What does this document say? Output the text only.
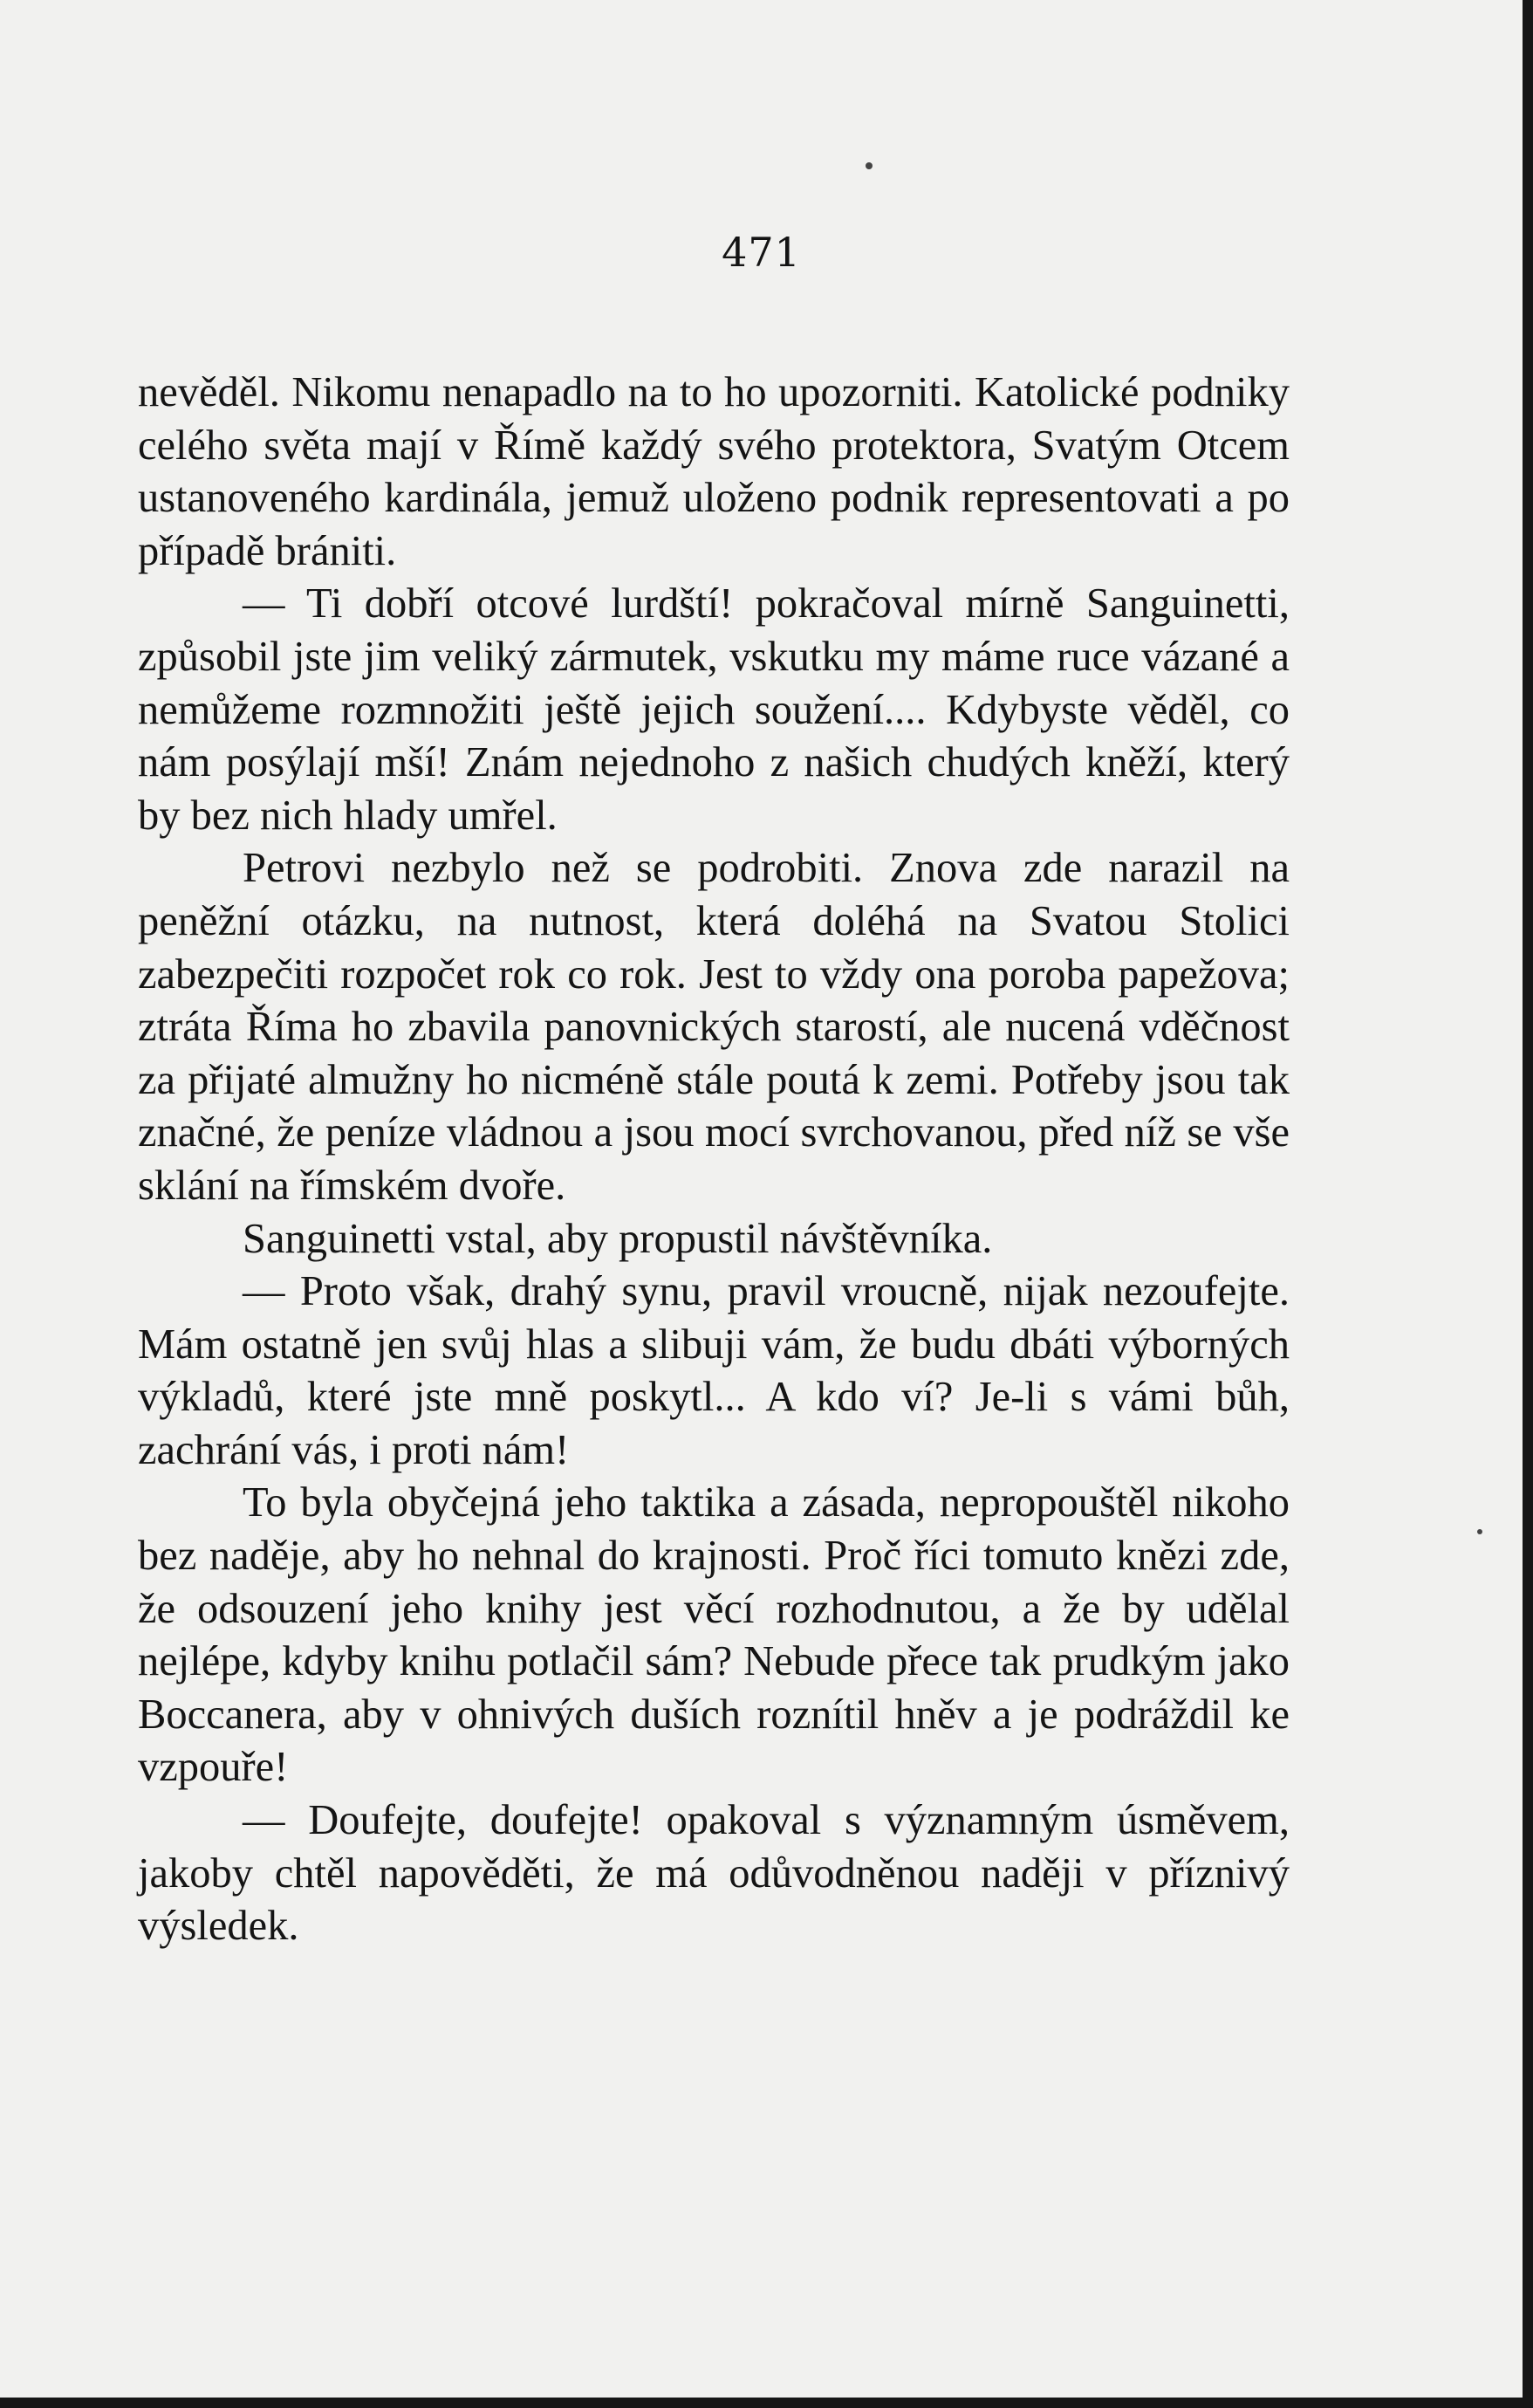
471

nevěděl. Nikomu nenapadlo na to ho upozorniti. Katolické podniky celého světa mají v Římě každý svého protektora, Svatým Otcem ustanoveného kardinála, jemuž uloženo podnik representovati a po případě brániti.

— Ti dobří otcové lurdští! pokračoval mírně Sanguinetti, způsobil jste jim veliký zármutek, vskutku my máme ruce vázané a nemůžeme rozmnožiti ještě jejich soužení.... Kdybyste věděl, co nám posýlají mší! Znám nejednoho z našich chudých kněží, který by bez nich hlady umřel.

Petrovi nezbylo než se podrobiti. Znova zde narazil na peněžní otázku, na nutnost, která doléhá na Svatou Stolici zabezpečiti rozpočet rok co rok. Jest to vždy ona poroba papežova; ztráta Říma ho zbavila panovnických starostí, ale nucená vděčnost za přijaté almužny ho nicméně stále poutá k zemi. Potřeby jsou tak značné, že peníze vládnou a jsou mocí svrchovanou, před níž se vše sklání na římském dvoře.

Sanguinetti vstal, aby propustil návštěvníka.

— Proto však, drahý synu, pravil vroucně, nijak nezoufejte. Mám ostatně jen svůj hlas a slibuji vám, že budu dbáti výborných výkladů, které jste mně poskytl... A kdo ví? Je-li s vámi bůh, zachrání vás, i proti nám!

To byla obyčejná jeho taktika a zásada, nepropouštěl nikoho bez naděje, aby ho nehnal do krajnosti. Proč říci tomuto knězi zde, že odsouzení jeho knihy jest věcí rozhodnutou, a že by udělal nejlépe, kdyby knihu potlačil sám? Nebude přece tak prudkým jako Boccanera, aby v ohnivých duších roznítil hněv a je podráždil ke vzpouře!

— Doufejte, doufejte! opakoval s významným úsměvem, jakoby chtěl napověděti, že má odůvodněnou naději v příznivý výsledek.
